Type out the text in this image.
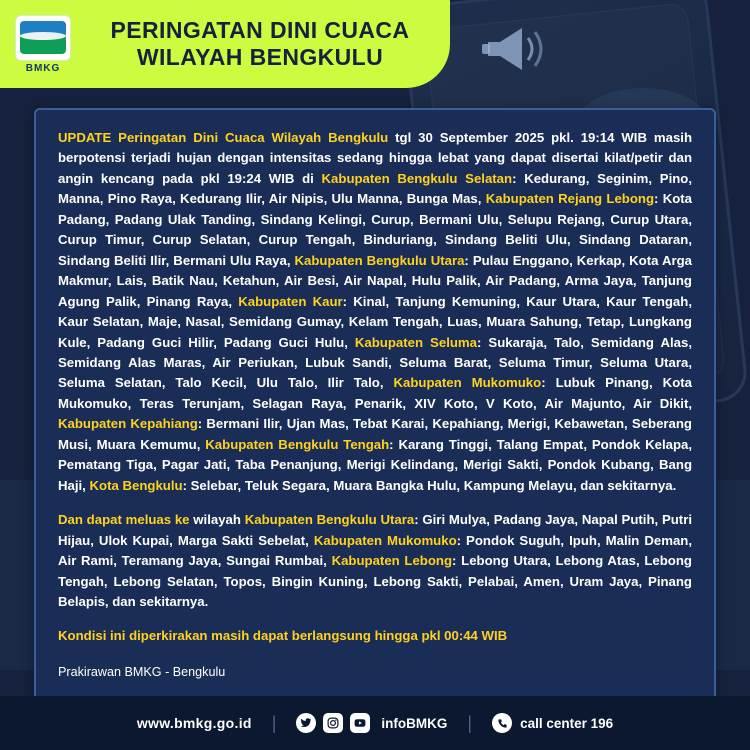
BMKG
PERINGATAN DINI CUACA
WILAYAH BENGKULU

UPDATE Peringatan Dini Cuaca Wilayah Bengkulu tgl 30 September 2025 pkl. 19:14 WIB masih berpotensi terjadi hujan dengan intensitas sedang hingga lebat yang dapat disertai kilat/petir dan angin kencang pada pkl 19:24 WIB di Kabupaten Bengkulu Selatan: Kedurang, Seginim, Pino, Manna, Pino Raya, Kedurang Ilir, Air Nipis, Ulu Manna, Bunga Mas, Kabupaten Rejang Lebong: Kota Padang, Padang Ulak Tanding, Sindang Kelingi, Curup, Bermani Ulu, Selupu Rejang, Curup Utara, Curup Timur, Curup Selatan, Curup Tengah, Binduriang, Sindang Beliti Ulu, Sindang Dataran, Sindang Beliti Ilir, Bermani Ulu Raya, Kabupaten Bengkulu Utara: Pulau Enggano, Kerkap, Kota Arga Makmur, Lais, Batik Nau, Ketahun, Air Besi, Air Napal, Hulu Palik, Air Padang, Arma Jaya, Tanjung Agung Palik, Pinang Raya, Kabupaten Kaur: Kinal, Tanjung Kemuning, Kaur Utara, Kaur Tengah, Kaur Selatan, Maje, Nasal, Semidang Gumay, Kelam Tengah, Luas, Muara Sahung, Tetap, Lungkang Kule, Padang Guci Hilir, Padang Guci Hulu, Kabupaten Seluma: Sukaraja, Talo, Semidang Alas, Semidang Alas Maras, Air Periukan, Lubuk Sandi, Seluma Barat, Seluma Timur, Seluma Utara, Seluma Selatan, Talo Kecil, Ulu Talo, Ilir Talo, Kabupaten Mukomuko: Lubuk Pinang, Kota Mukomuko, Teras Terunjam, Selagan Raya, Penarik, XIV Koto, V Koto, Air Majunto, Air Dikit, Kabupaten Kepahiang: Bermani Ilir, Ujan Mas, Tebat Karai, Kepahiang, Merigi, Kebawetan, Seberang Musi, Muara Kemumu, Kabupaten Bengkulu Tengah: Karang Tinggi, Talang Empat, Pondok Kelapa, Pematang Tiga, Pagar Jati, Taba Penanjung, Merigi Kelindang, Merigi Sakti, Pondok Kubang, Bang Haji, Kota Bengkulu: Selebar, Teluk Segara, Muara Bangka Hulu, Kampung Melayu, dan sekitarnya.

Dan dapat meluas ke wilayah Kabupaten Bengkulu Utara: Giri Mulya, Padang Jaya, Napal Putih, Putri Hijau, Ulok Kupai, Marga Sakti Sebelat, Kabupaten Mukomuko: Pondok Suguh, Ipuh, Malin Deman, Air Rami, Teramang Jaya, Sungai Rumbai, Kabupaten Lebong: Lebong Utara, Lebong Atas, Lebong Tengah, Lebong Selatan, Topos, Bingin Kuning, Lebong Sakti, Pelabai, Amen, Uram Jaya, Pinang Belapis, dan sekitarnya.

Kondisi ini diperkirakan masih dapat berlangsung hingga pkl 00:44 WIB

Prakirawan BMKG - Bengkulu

www.bmkg.go.id |	infoBMKG |	call center 196
